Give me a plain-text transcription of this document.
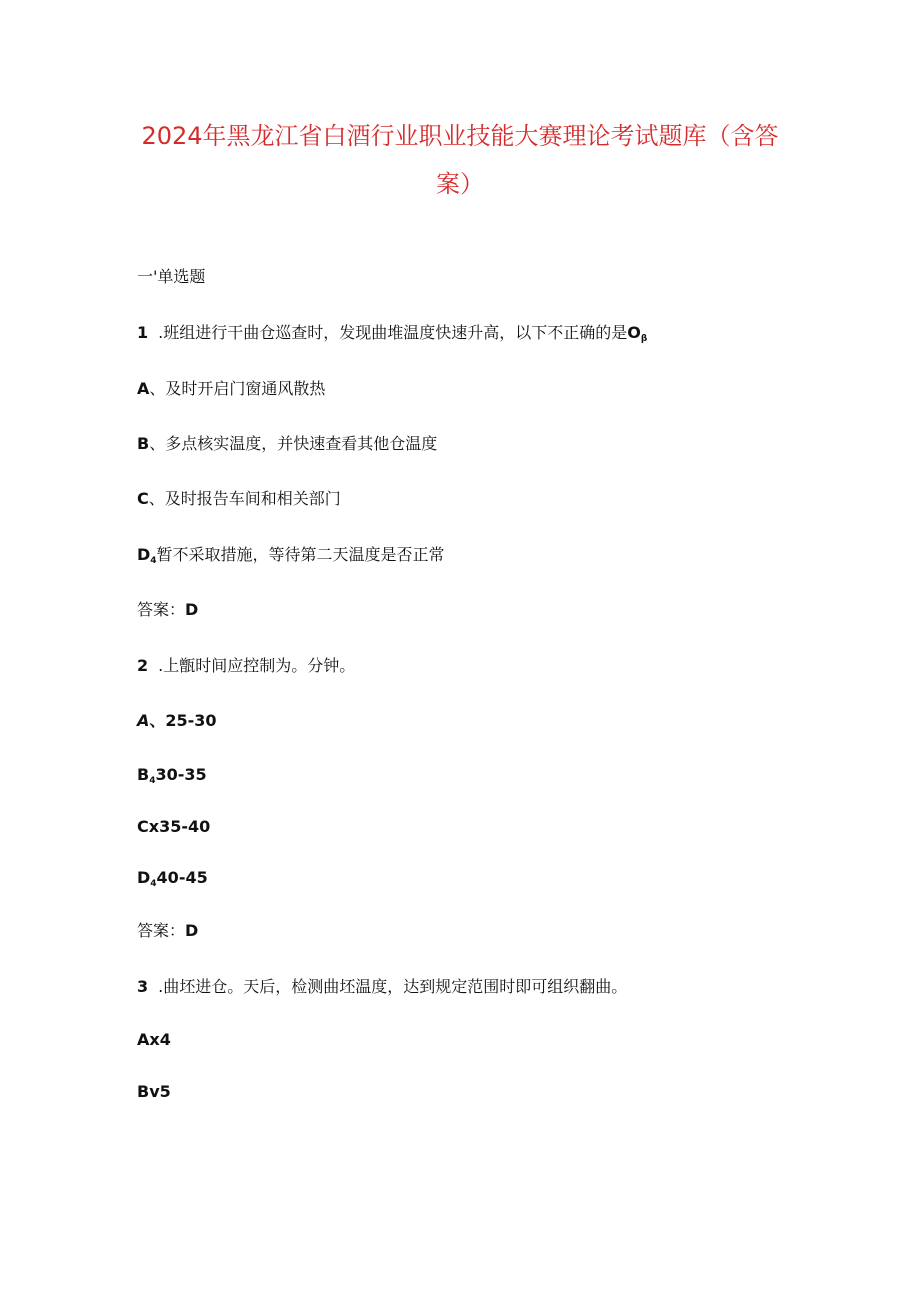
2024年黑龙江省白酒行业职业技能大赛理论考试题库（含答
案）
一'单选题
1 .班组进行干曲仓巡查时，发现曲堆温度快速升高，以下不正确的是$O_\beta$
A、及时开启门窗通风散热
B、多点核实温度，并快速查看其他仓温度
C、及时报告车间和相关部门
$D_4$暂不采取措施，等待第二天温度是否正常
答案：D
2 .上甑时间应控制为。分钟。
A、25-30
$B_430-35$
Cx35-40
$D_440-45$
答案：D
3 .曲坯进仓。天后，检测曲坯温度，达到规定范围时即可组织翻曲。
Ax4
Bv5
